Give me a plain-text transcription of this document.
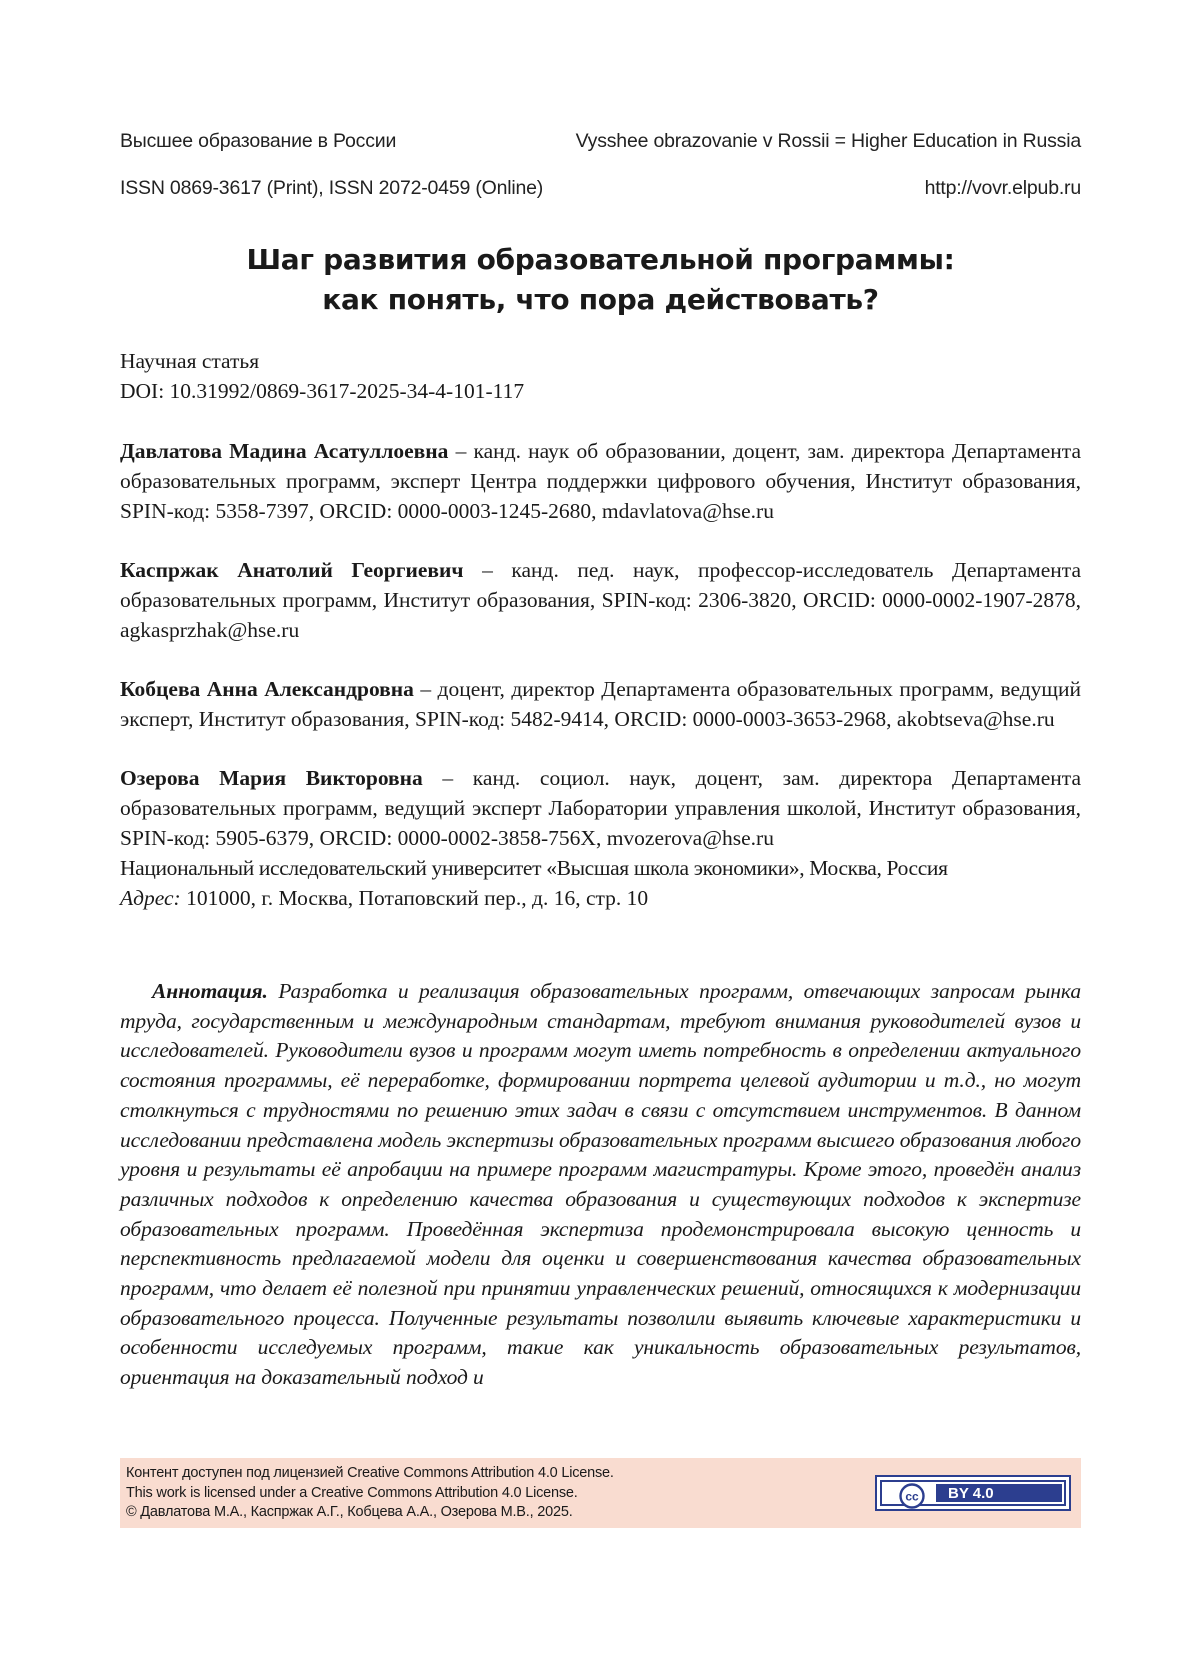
Высшее образование в России	Vysshee obrazovanie v Rossii = Higher Education in Russia
ISSN 0869-3617 (Print), ISSN 2072-0459 (Online)	http://vovr.elpub.ru
Шаг развития образовательной программы:
как понять, что пора действовать?
Научная статья
DOI: 10.31992/0869-3617-2025-34-4-101-117

Давлатова Мадина Асатуллоевна – канд. наук об образовании, доцент, зам. директора Департамента образовательных программ, эксперт Центра поддержки цифрового обучения, Институт образования, SPIN-код: 5358-7397, ORCID: 0000-0003-1245-2680, mdavlatova@hse.ru

Каспржак Анатолий Георгиевич – канд. пед. наук, профессор-исследователь Департамента образовательных программ, Институт образования, SPIN-код: 2306-3820, ORCID: 0000-0002-1907-2878, agkasprzhak@hse.ru

Кобцева Анна Александровна – доцент, директор Департамента образовательных программ, ведущий эксперт, Институт образования, SPIN-код: 5482-9414, ORCID: 0000-0003-3653-2968, akobtseva@hse.ru

Озерова Мария Викторовна – канд. социол. наук, доцент, зам. директора Департамента образовательных программ, ведущий эксперт Лаборатории управления школой, Институт образования, SPIN-код: 5905-6379, ORCID: 0000-0002-3858-756X, mvozerova@hse.ru

Национальный исследовательский университет «Высшая школа экономики», Москва, Россия
Адрес: 101000, г. Москва, Потаповский пер., д. 16, стр. 10
Аннотация. Разработка и реализация образовательных программ, отвечающих запросам рынка труда, государственным и международным стандартам, требуют внимания руководителей вузов и исследователей. Руководители вузов и программ могут иметь потребность в определении актуального состояния программы, её переработке, формировании портрета целевой аудитории и т.д., но могут столкнуться с трудностями по решению этих задач в связи с отсутствием инструментов. В данном исследовании представлена модель экспертизы образовательных программ высшего образования любого уровня и результаты её апробации на примере программ магистратуры. Кроме этого, проведён анализ различных подходов к определению качества образования и существующих подходов к экспертизе образовательных программ. Проведённая экспертиза продемонстрировала высокую ценность и перспективность предлагаемой модели для оценки и совершенствования качества образовательных программ, что делает её полезной при принятии управленческих решений, относящихся к модернизации образовательного процесса. Полученные результаты позволили выявить ключевые характеристики и особенности исследуемых программ, такие как уникальность образовательных результатов, ориентация на доказательный подход и
Контент доступен под лицензией Creative Commons Attribution 4.0 License.
This work is licensed under a Creative Commons Attribution 4.0 License.
© Давлатова М.А., Каспржак А.Г., Кобцева А.А., Озерова М.В., 2025.
cc	BY 4.0
